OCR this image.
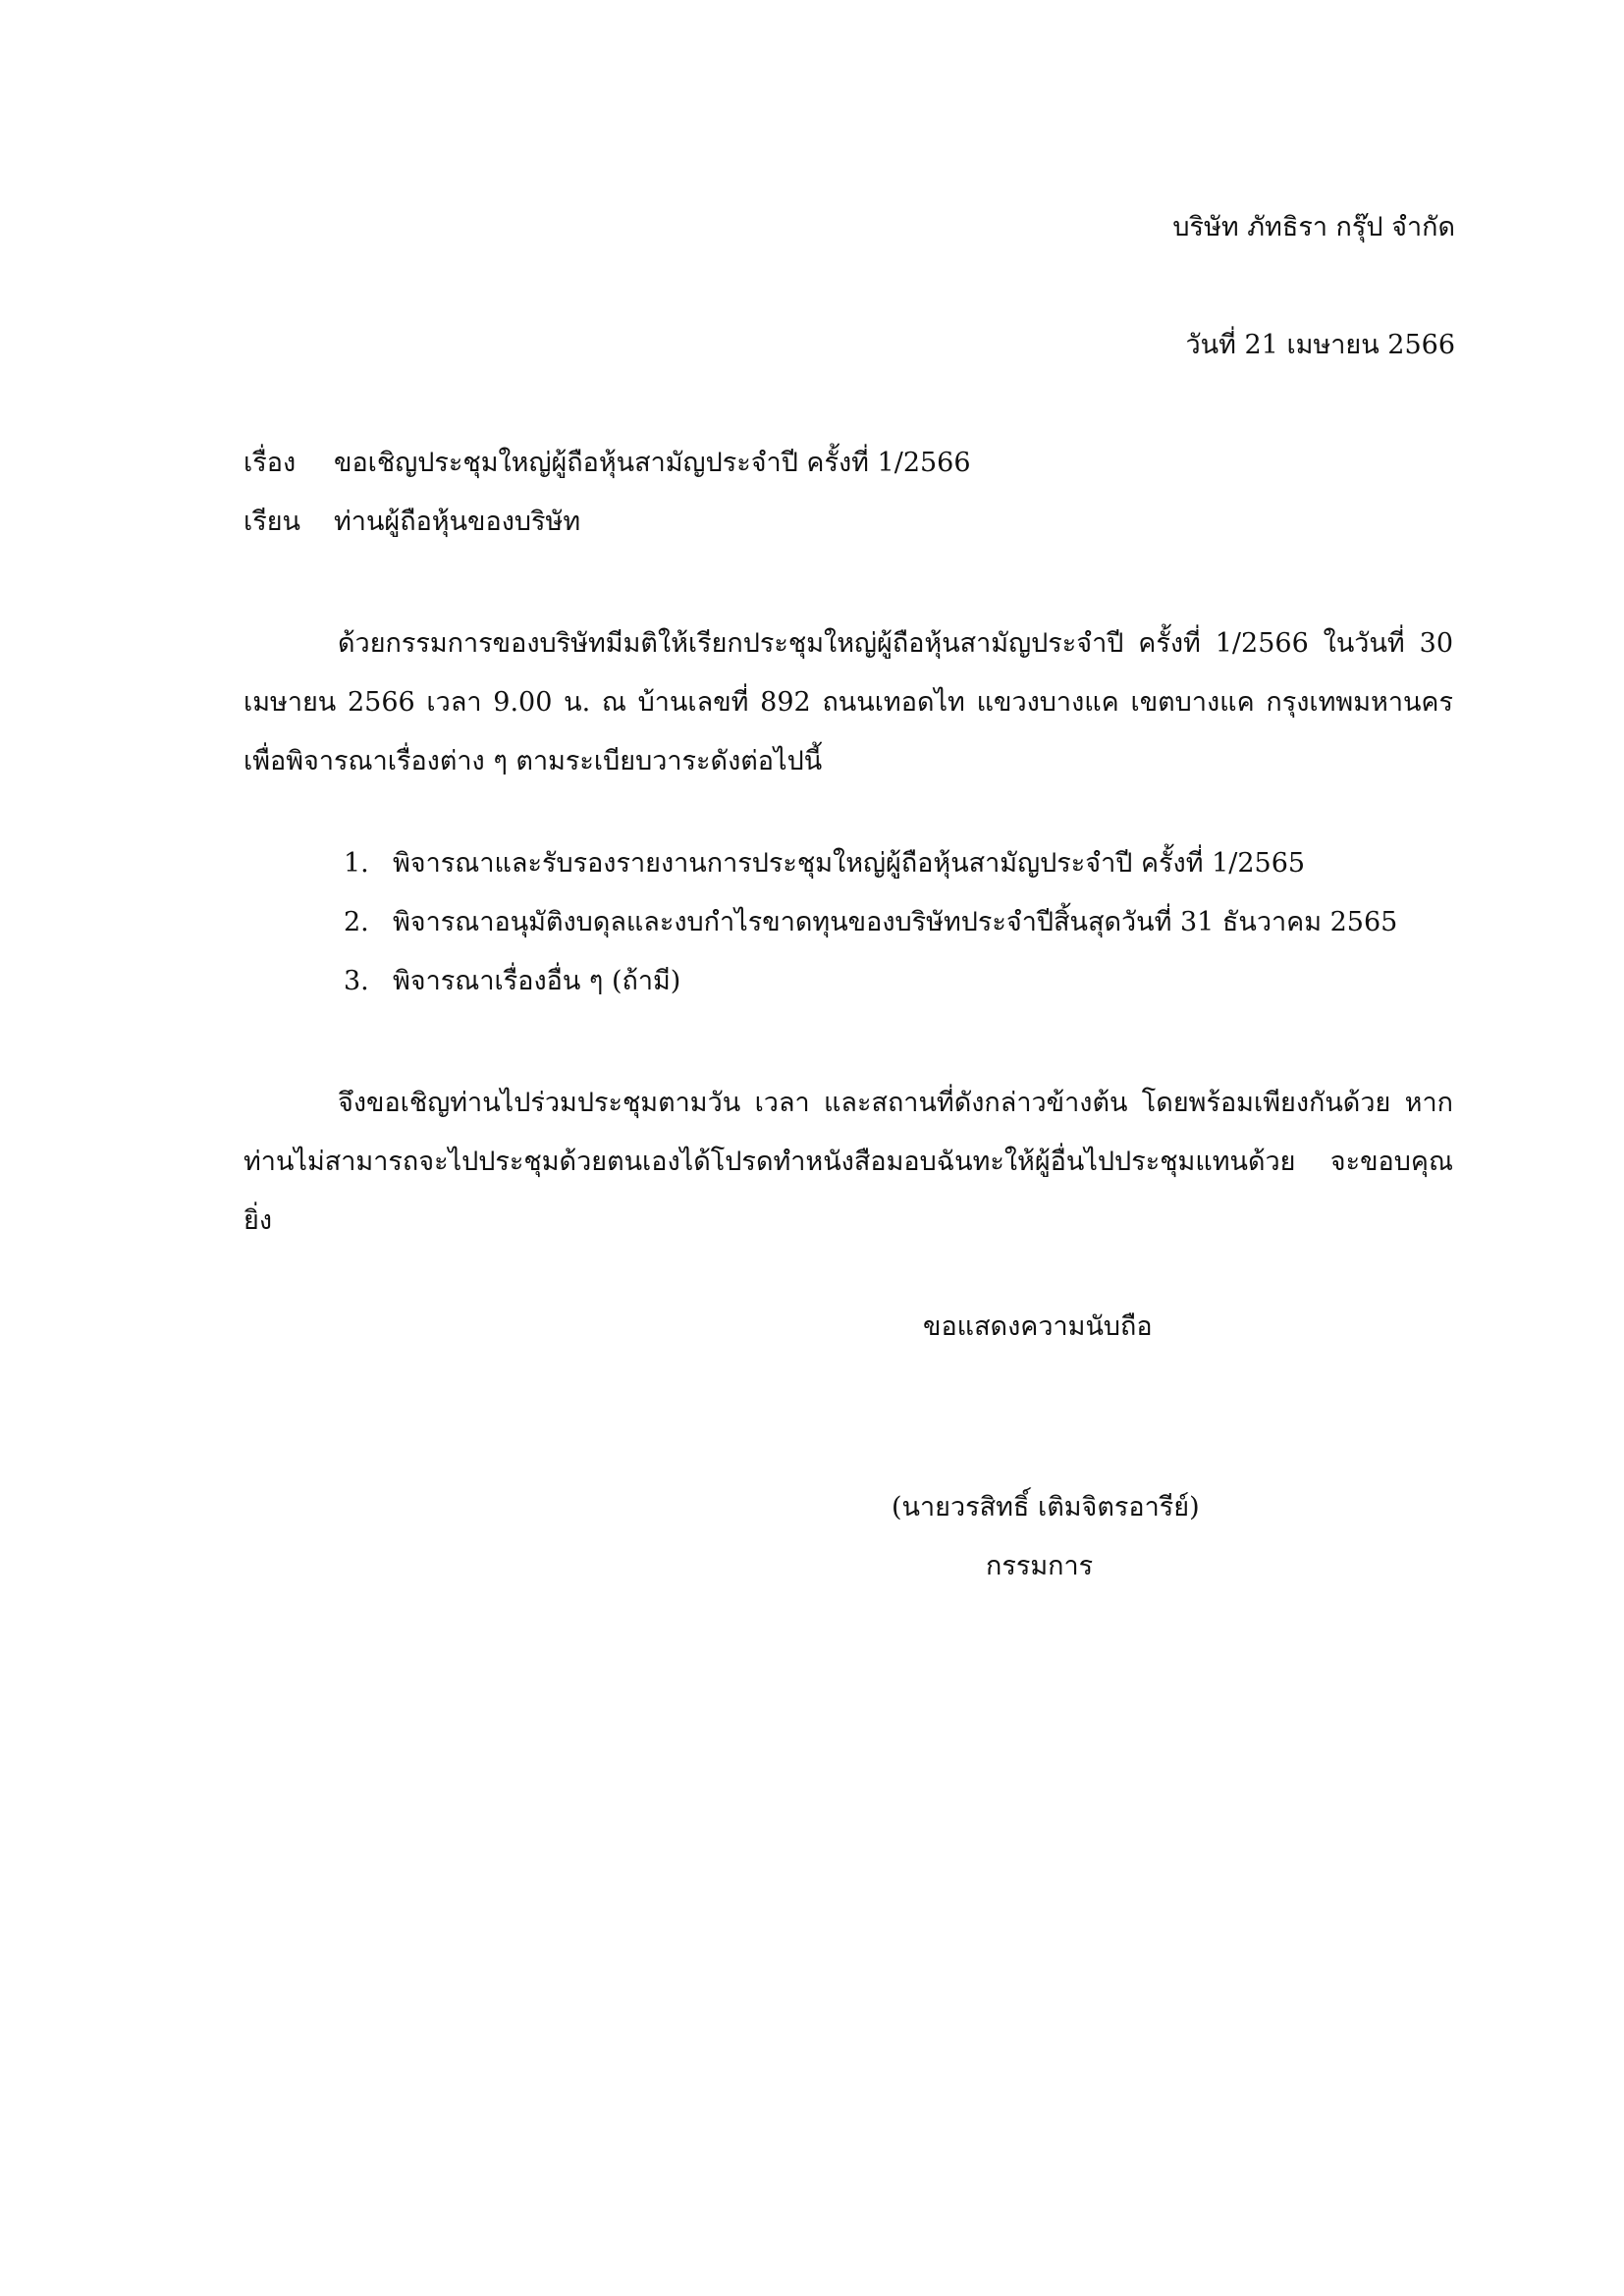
บริษัท ภัทธิรา กรุ๊ป จำกัด
วันที่ 21 เมษายน 2566
เรื่อง ขอเชิญประชุมใหญ่ผู้ถือหุ้นสามัญประจำปี ครั้งที่ 1/2566
เรียน ท่านผู้ถือหุ้นของบริษัท
ด้วยกรรมการของบริษัทมีมติให้เรียกประชุมใหญ่ผู้ถือหุ้นสามัญประจำปี ครั้งที่ 1/2566 ในวันที่ 30 เมษายน 2566 เวลา 9.00 น. ณ บ้านเลขที่ 892 ถนนเทอดไท แขวงบางแค เขตบางแค กรุงเทพมหานคร เพื่อพิจารณาเรื่องต่าง ๆ ตามระเบียบวาระดังต่อไปนี้
1. พิจารณาและรับรองรายงานการประชุมใหญ่ผู้ถือหุ้นสามัญประจำปี ครั้งที่ 1/2565
2. พิจารณาอนุมัติงบดุลและงบกำไรขาดทุนของบริษัทประจำปีสิ้นสุดวันที่ 31 ธันวาคม 2565
3. พิจารณาเรื่องอื่น ๆ (ถ้ามี)
จึงขอเชิญท่านไปร่วมประชุมตามวัน เวลา และสถานที่ดังกล่าวข้างต้น โดยพร้อมเพียงกันด้วย หากท่านไม่สามารถจะไปประชุมด้วยตนเองได้โปรดทำหนังสือมอบฉันทะให้ผู้อื่นไปประชุมแทนด้วย จะขอบคุณยิ่ง
ขอแสดงความนับถือ
(นายวรสิทธิ์ เติมจิตรอารีย์)
กรรมการ
